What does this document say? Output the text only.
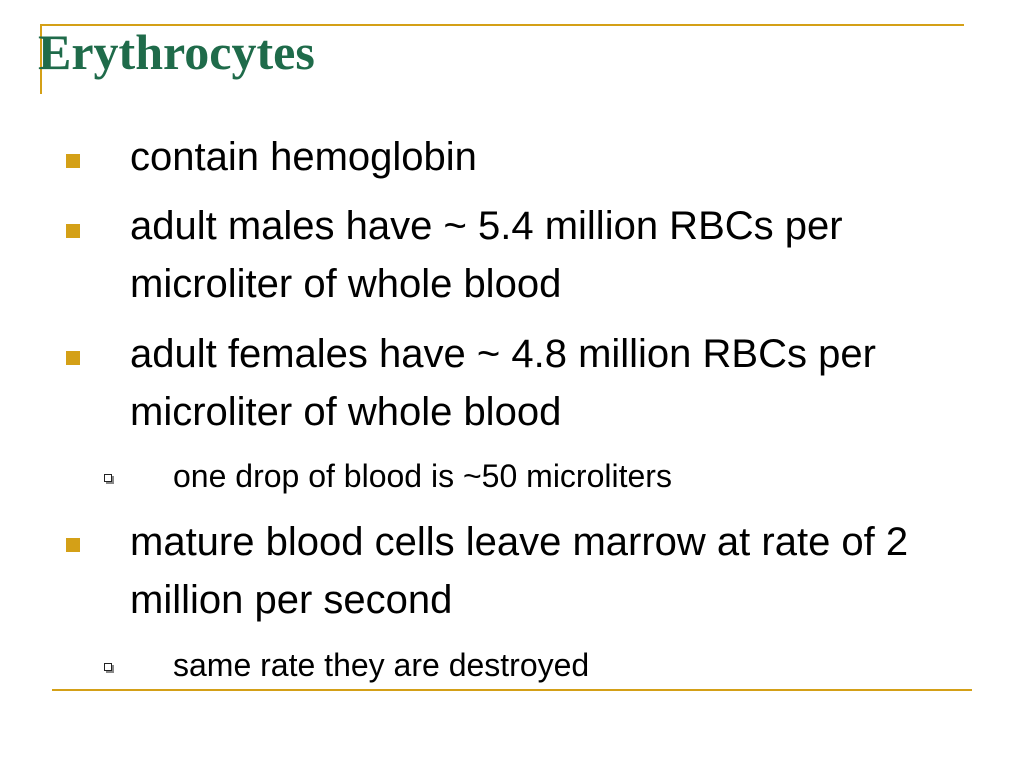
Erythrocytes

contain hemoglobin

adult males have ~ 5.4 million RBCs per microliter of whole blood

adult females have ~ 4.8 million RBCs per microliter of whole blood

one drop of blood is ~50 microliters

mature blood cells leave marrow at rate of 2 million per second

same rate they are destroyed
